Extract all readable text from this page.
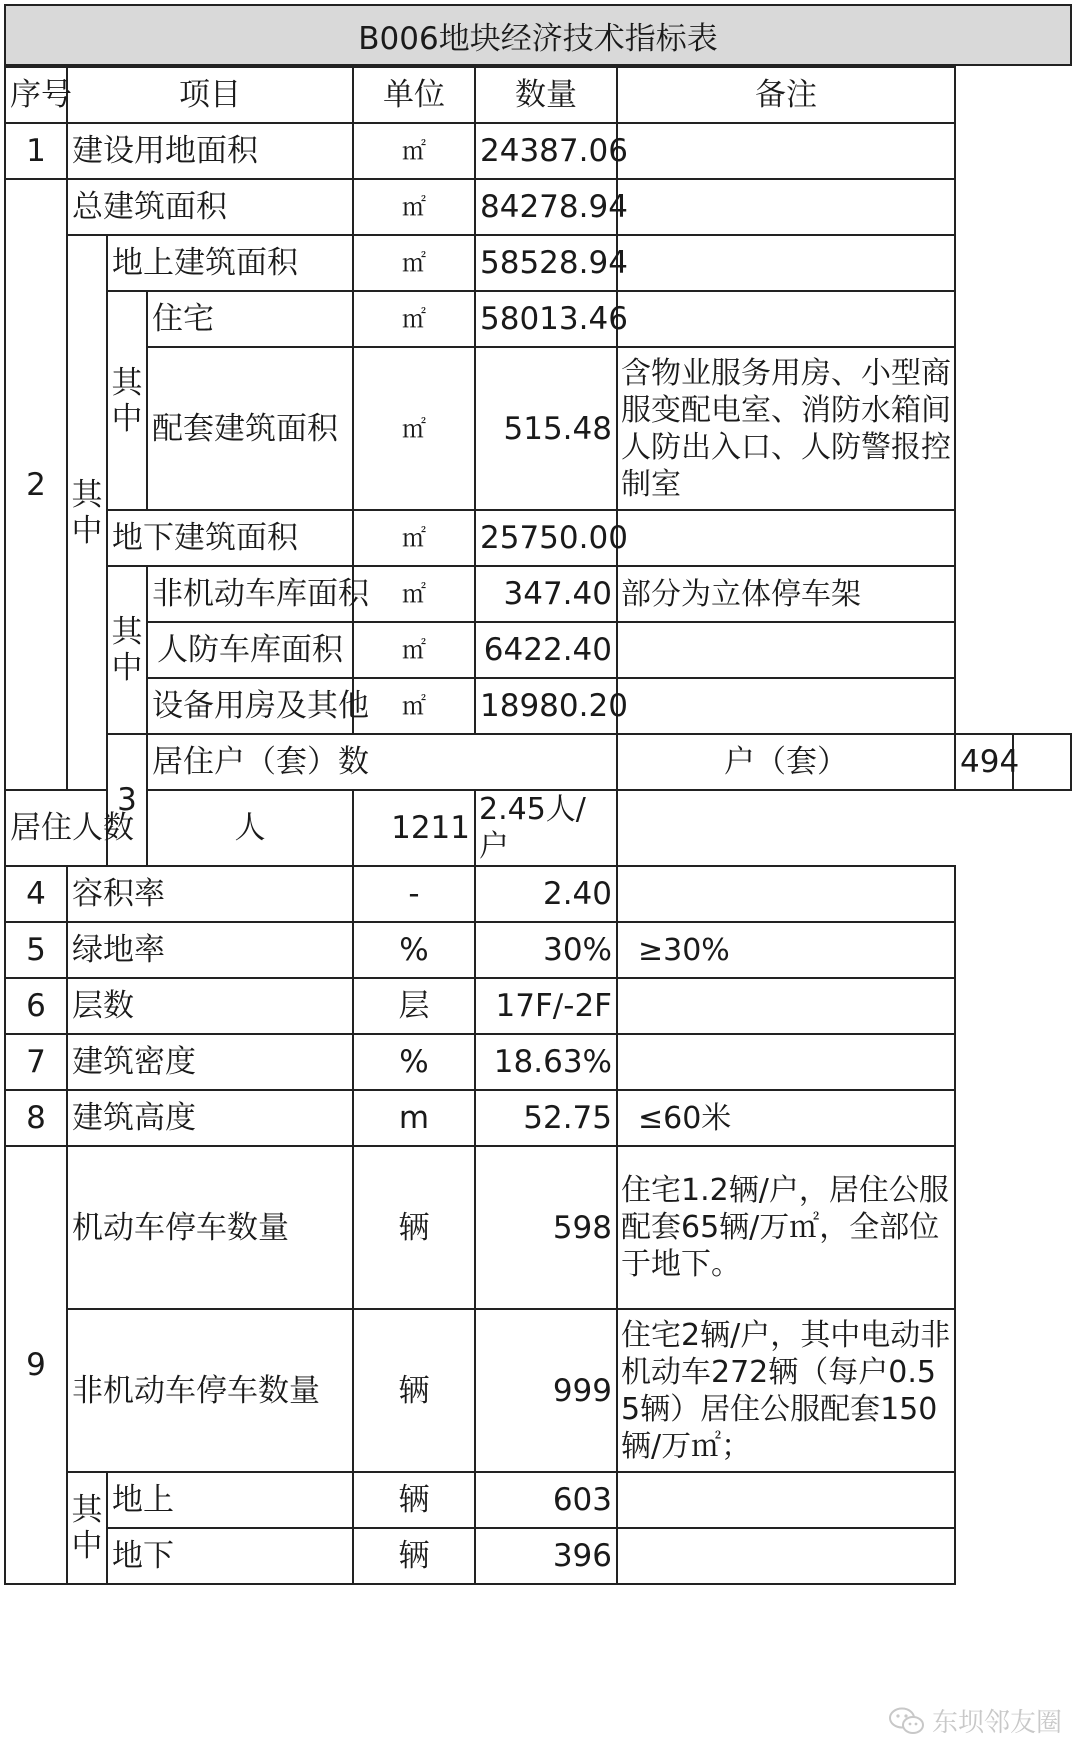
B006地块经济技术指标表
序号	项目			单位	数量	备注		
1	建设用地面积			㎡	24387.06			
2	总建筑面积			㎡	84278.94			
	其中	地上建筑面积		㎡	58528.94			
		其中	住宅	㎡	58013.46			
			配套建筑面积	㎡	515.48	含物业服务用房、小型商服变配电室、消防水箱间人防出入口、人防警报控制室		
		地下建筑面积		㎡	25750.00			
		其中	非机动车库面积	㎡	347.40	部分为立体停车架		
			人防车库面积	㎡	6422.40			
			设备用房及其他	㎡	18980.20			
		3	居住户（套）数			户（套）	494	
居住人数			人	1211	2.45人/户			
4	容积率			-	2.40			
5	绿地率			%	30%	≥30%		
6	层数			层	17F/-2F			
7	建筑密度			%	18.63%			
8	建筑高度			m	52.75	≤60米		
9	机动车停车数量			辆	598	住宅1.2辆/户，居住公服配套65辆/万㎡，全部位于地下。		
	非机动车停车数量			辆	999	住宅2辆/户，其中电动非机动车272辆（每户0.55辆）居住公服配套150辆/万㎡；		
	其中	地上		辆	603			
		地下		辆	396			
东坝邻友圈
